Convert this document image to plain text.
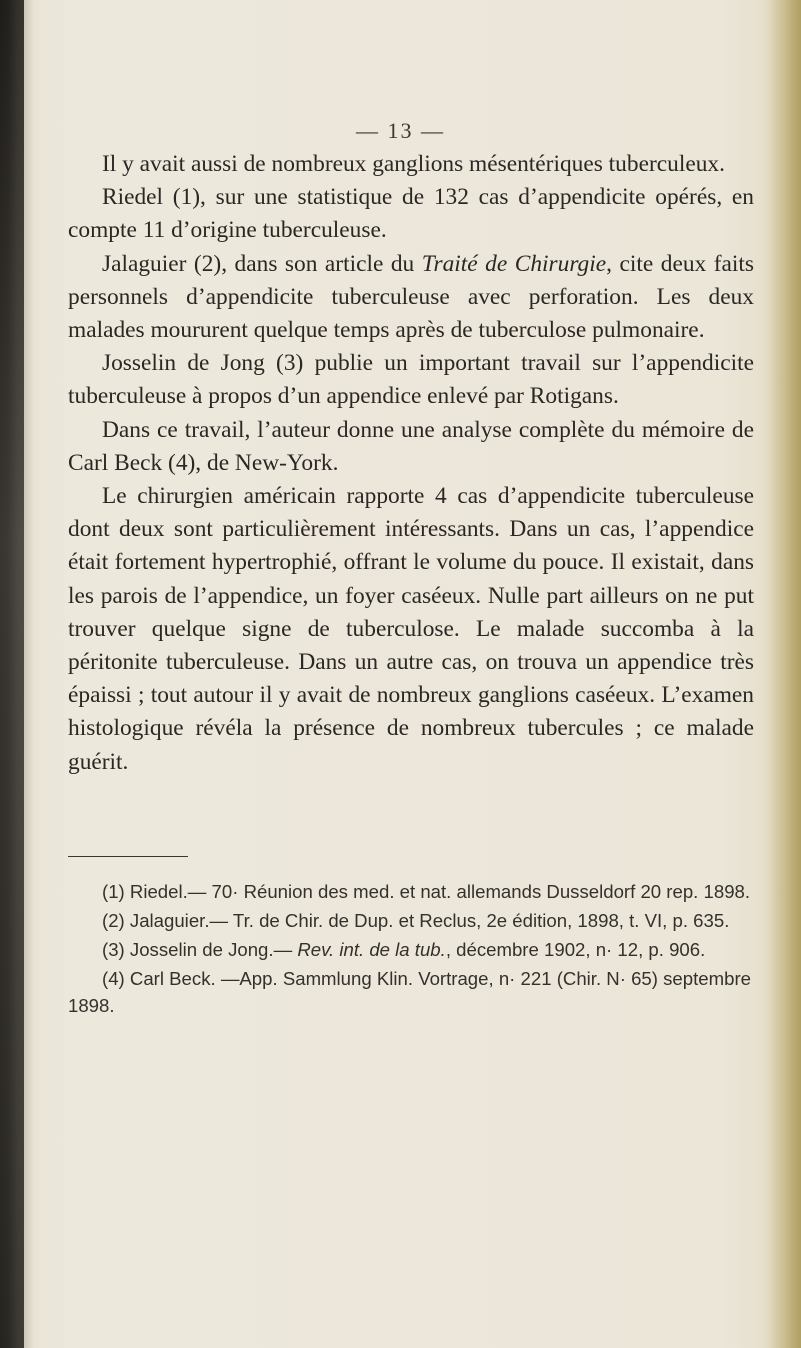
— 13 —

Il y avait aussi de nombreux ganglions mésentériques tuberculeux.

Riedel (1), sur une statistique de 132 cas d’appendicite opérés, en compte 11 d’origine tuberculeuse.

Jalaguier (2), dans son article du Traité de Chirurgie, cite deux faits personnels d’appendicite tuberculeuse avec perforation. Les deux malades moururent quelque temps après de tuberculose pulmonaire.

Josselin de Jong (3) publie un important travail sur l’appendicite tuberculeuse à propos d’un appendice enlevé par Rotigans.

Dans ce travail, l’auteur donne une analyse complète du mémoire de Carl Beck (4), de New-York.

Le chirurgien américain rapporte 4 cas d’appendicite tuberculeuse dont deux sont particulièrement intéressants. Dans un cas, l’appendice était fortement hypertrophié, offrant le volume du pouce. Il existait, dans les parois de l’appendice, un foyer caséeux. Nulle part ailleurs on ne put trouver quelque signe de tuberculose. Le malade succomba à la péritonite tuberculeuse. Dans un autre cas, on trouva un appendice très épaissi ; tout autour il y avait de nombreux ganglions caséeux. L’examen histologique révéla la présence de nombreux tubercules ; ce malade guérit.

(1) Riedel.— 70· Réunion des med. et nat. allemands Dusseldorf 20 rep. 1898.

(2) Jalaguier.— Tr. de Chir. de Dup. et Reclus, 2e édition, 1898, t. VI, p. 635.

(3) Josselin de Jong.— Rev. int. de la tub., décembre 1902, n· 12, p. 906.

(4) Carl Beck. —App. Sammlung Klin. Vortrage, n· 221 (Chir. N· 65) septembre 1898.
